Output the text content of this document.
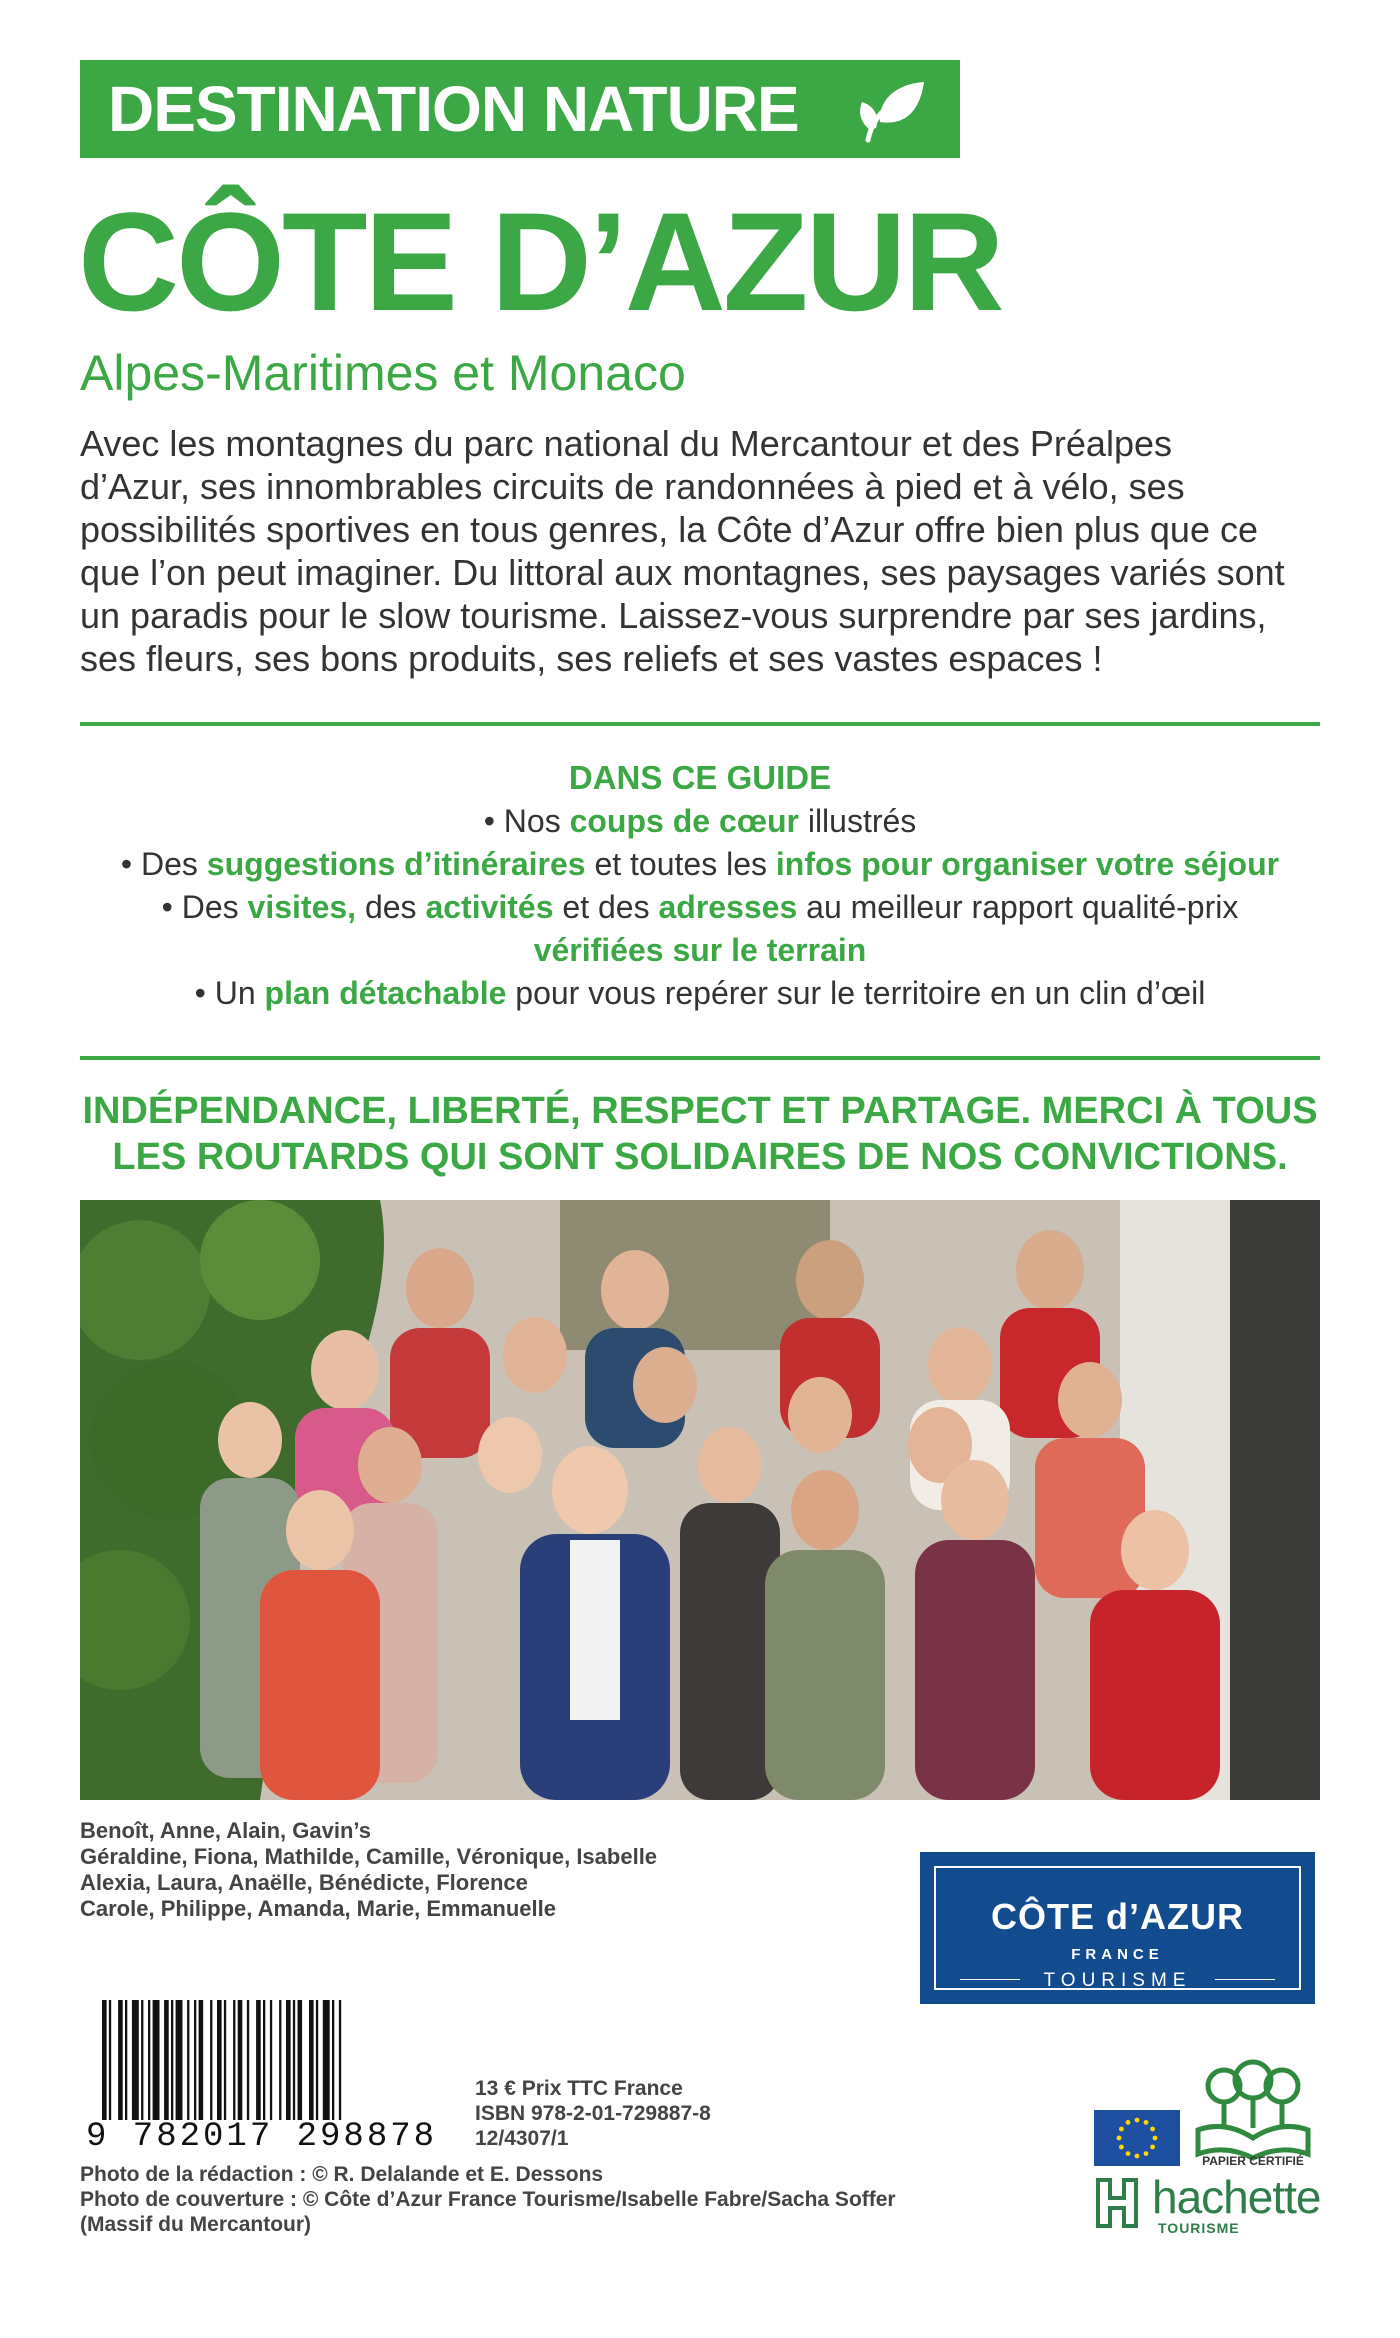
DESTINATION NATURE
CÔTE D’AZUR
Alpes-Maritimes et Monaco
Avec les montagnes du parc national du Mercantour et des Préalpes
d’Azur, ses innombrables circuits de randonnées à pied et à vélo, ses
possibilités sportives en tous genres, la Côte d’Azur offre bien plus que ce
que l’on peut imaginer. Du littoral aux montagnes, ses paysages variés sont
un paradis pour le slow tourisme. Laissez-vous surprendre par ses jardins,
ses fleurs, ses bons produits, ses reliefs et ses vastes espaces !
DANS CE GUIDE
• Nos coups de cœur illustrés
• Des suggestions d’itinéraires et toutes les infos pour organiser votre séjour
• Des visites, des activités et des adresses au meilleur rapport qualité-prix
vérifiées sur le terrain
• Un plan détachable pour vous repérer sur le territoire en un clin d’œil
INDÉPENDANCE, LIBERTÉ, RESPECT ET PARTAGE. MERCI À TOUS
LES ROUTARDS QUI SONT SOLIDAIRES DE NOS CONVICTIONS.
Benoît, Anne, Alain, Gavin’s
Géraldine, Fiona, Mathilde, Camille, Véronique, Isabelle
Alexia, Laura, Anaëlle, Bénédicte, Florence
Carole, Philippe, Amanda, Marie, Emmanuelle	CÔTE d’AZUR
FRANCE
TOURISME
9 782017 298878
13 € Prix TTC France
ISBN 978-2-01-729887-8
12/4307/1
Photo de la rédaction : © R. Delalande et E. Dessons
Photo de couverture : © Côte d’Azur France Tourisme/Isabelle Fabre/Sacha Soffer
(Massif du Mercantour)
PAPIER CERTIFIÉ
hachette
TOURISME
